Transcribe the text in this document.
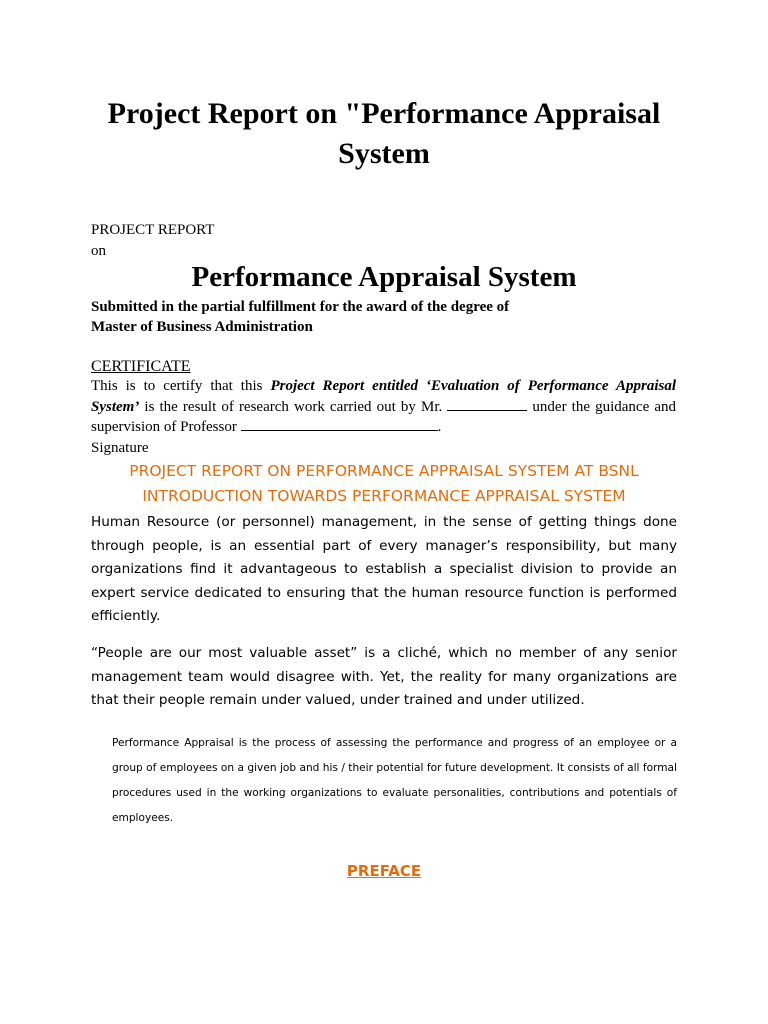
Project Report on "Performance Appraisal System
PROJECT REPORT
on
Performance Appraisal System
Submitted in the partial fulfillment for the award of the degree of
Master of Business Administration
CERTIFICATE
This is to certify that this Project Report entitled ‘Evaluation of Performance Appraisal System’ is the result of research work carried out by Mr.	under the guidance and supervision of Professor	.
Signature
PROJECT REPORT ON PERFORMANCE APPRAISAL SYSTEM AT BSNL
INTRODUCTION TOWARDS PERFORMANCE APPRAISAL SYSTEM
Human Resource (or personnel) management, in the sense of getting things done through people, is an essential part of every manager’s responsibility, but many organizations find it advantageous to establish a specialist division to provide an expert service dedicated to ensuring that the human resource function is performed efficiently.
“People are our most valuable asset” is a cliché, which no member of any senior management team would disagree with. Yet, the reality for many organizations are that their people remain under valued, under trained and under utilized.
Performance Appraisal is the process of assessing the performance and progress of an employee or a group of employees on a given job and his / their potential for future development. It consists of all formal procedures used in the working organizations to evaluate personalities, contributions and potentials of employees.
PREFACE
